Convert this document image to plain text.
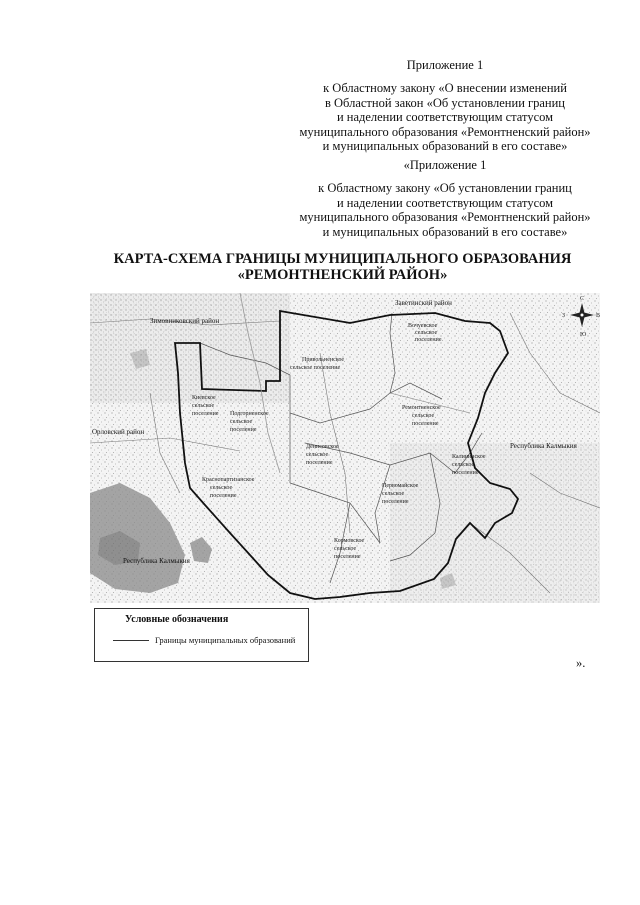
Приложение 1
к Областному закону «О внесении изменений
в Областной закон «Об установлении границ
и наделении соответствующим статусом
муниципального образования «Ремонтненский район»
и муниципальных образований в его составе»
«Приложение 1
к Областному закону «Об установлении границ
и наделении соответствующим статусом
муниципального образования «Ремонтненский район»
и муниципальных образований в его составе»
КАРТА-СХЕМА ГРАНИЦЫ МУНИЦИПАЛЬНОГО ОБРАЗОВАНИЯ
«РЕМОНТНЕНСКИЙ РАЙОН»
Заветинский район
Зимовниковский район
Орловский район
Республика Калмыкия
Республика Калмыкия
Вочуевское
сельское
поселение
Привольненское
сельское поселение
Киевское
сельское
поселение Подгорненское
сельское
поселение
Ремонтненское
сельское
поселение
Денисовское
сельское
поселение
Калининское
сельское
поселение
Краснопартизанское
сельское
поселение
Первомайское
сельское
поселение
Кормовское
сельское
поселение
С
Ю
З	В
Условные обозначения
Границы муниципальных образований
».
